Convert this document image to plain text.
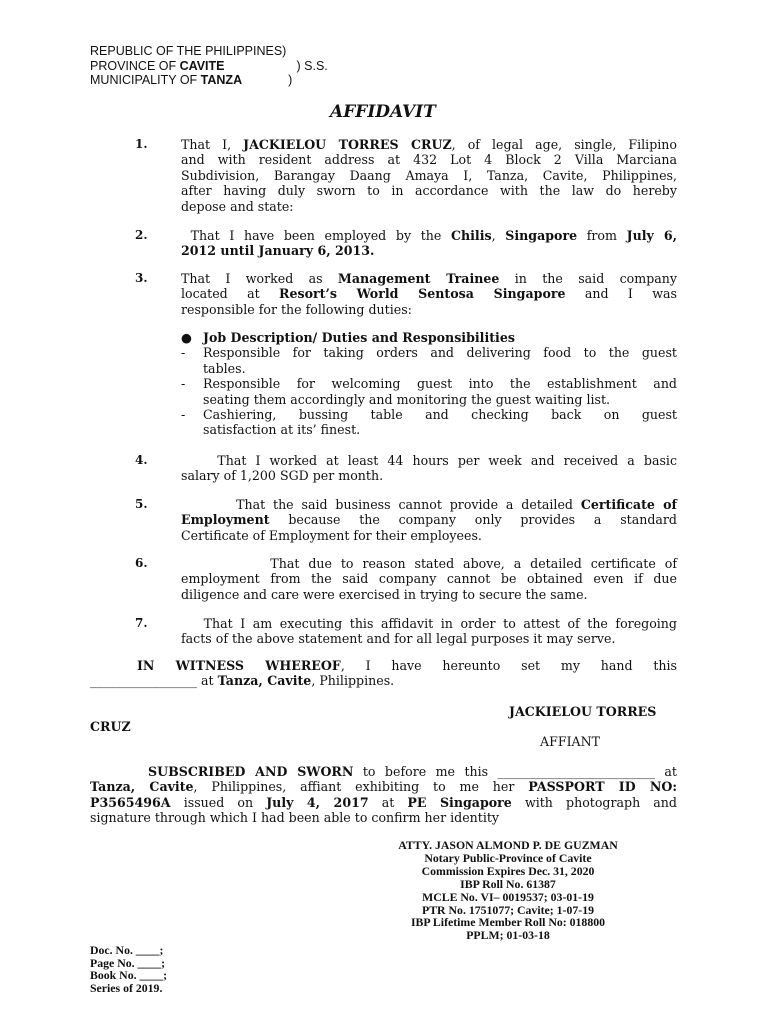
REPUBLIC OF THE PHILIPPINES)
PROVINCE OF CAVITE	) S.S.
MUNICIPALITY OF TANZA	)
AFFIDAVIT
1.	That I, JACKIELOU TORRES CRUZ, of legal age, single, Filipino
and with resident address at 432 Lot 4 Block 2 Villa Marciana
Subdivision, Barangay Daang Amaya I, Tanza, Cavite, Philippines,
after having duly sworn to in accordance with the law do hereby
depose and state:
2.	That I have been employed by the Chilis, Singapore from July 6,
2012 until January 6, 2013.
3.	That I worked as Management Trainee in the said company
located at Resort’s World Sentosa Singapore and I was
responsible for the following duties:
4.	That I worked at least 44 hours per week and received a basic
salary of 1,200 SGD per month.
5.	That the said business cannot provide a detailed Certificate of
Employment because the company only provides a standard
Certificate of Employment for their employees.
6.	That due to reason stated above, a detailed certificate of
employment from the said company cannot be obtained even if due
diligence and care were exercised in trying to secure the same.
7.	That I am executing this affidavit in order to attest of the foregoing
facts of the above statement and for all legal purposes it may serve.
● Job Description/ Duties and Responsibilities
- Responsible for taking orders and delivering food to the guest
tables.
- Responsible for welcoming guest into the establishment and
seating them accordingly and monitoring the guest waiting list.
- Cashiering, bussing table and checking back on guest
satisfaction at its’ finest.
IN WITNESS WHEREOF, I have hereunto set my hand this
_________________ at Tanza, Cavite, Philippines.
JACKIELOU TORRES
CRUZ
AFFIANT
SUBSCRIBED AND SWORN to before me this _________________________ at
Tanza, Cavite, Philippines, affiant exhibiting to me her PASSPORT ID NO:
P3565496A issued on July 4, 2017 at PE Singapore with photograph and
signature through which I had been able to confirm her identity
ATTY. JASON ALMOND P. DE GUZMAN
Notary Public-Province of Cavite
Commission Expires Dec. 31, 2020
IBP Roll No. 61387
MCLE No. VI– 0019537; 03-01-19
PTR No. 1751077; Cavite; 1-07-19
IBP Lifetime Member Roll No: 018800
PPLM; 01-03-18
Doc. No. ____;
Page No. ____;
Book No. ____;
Series of 2019.
